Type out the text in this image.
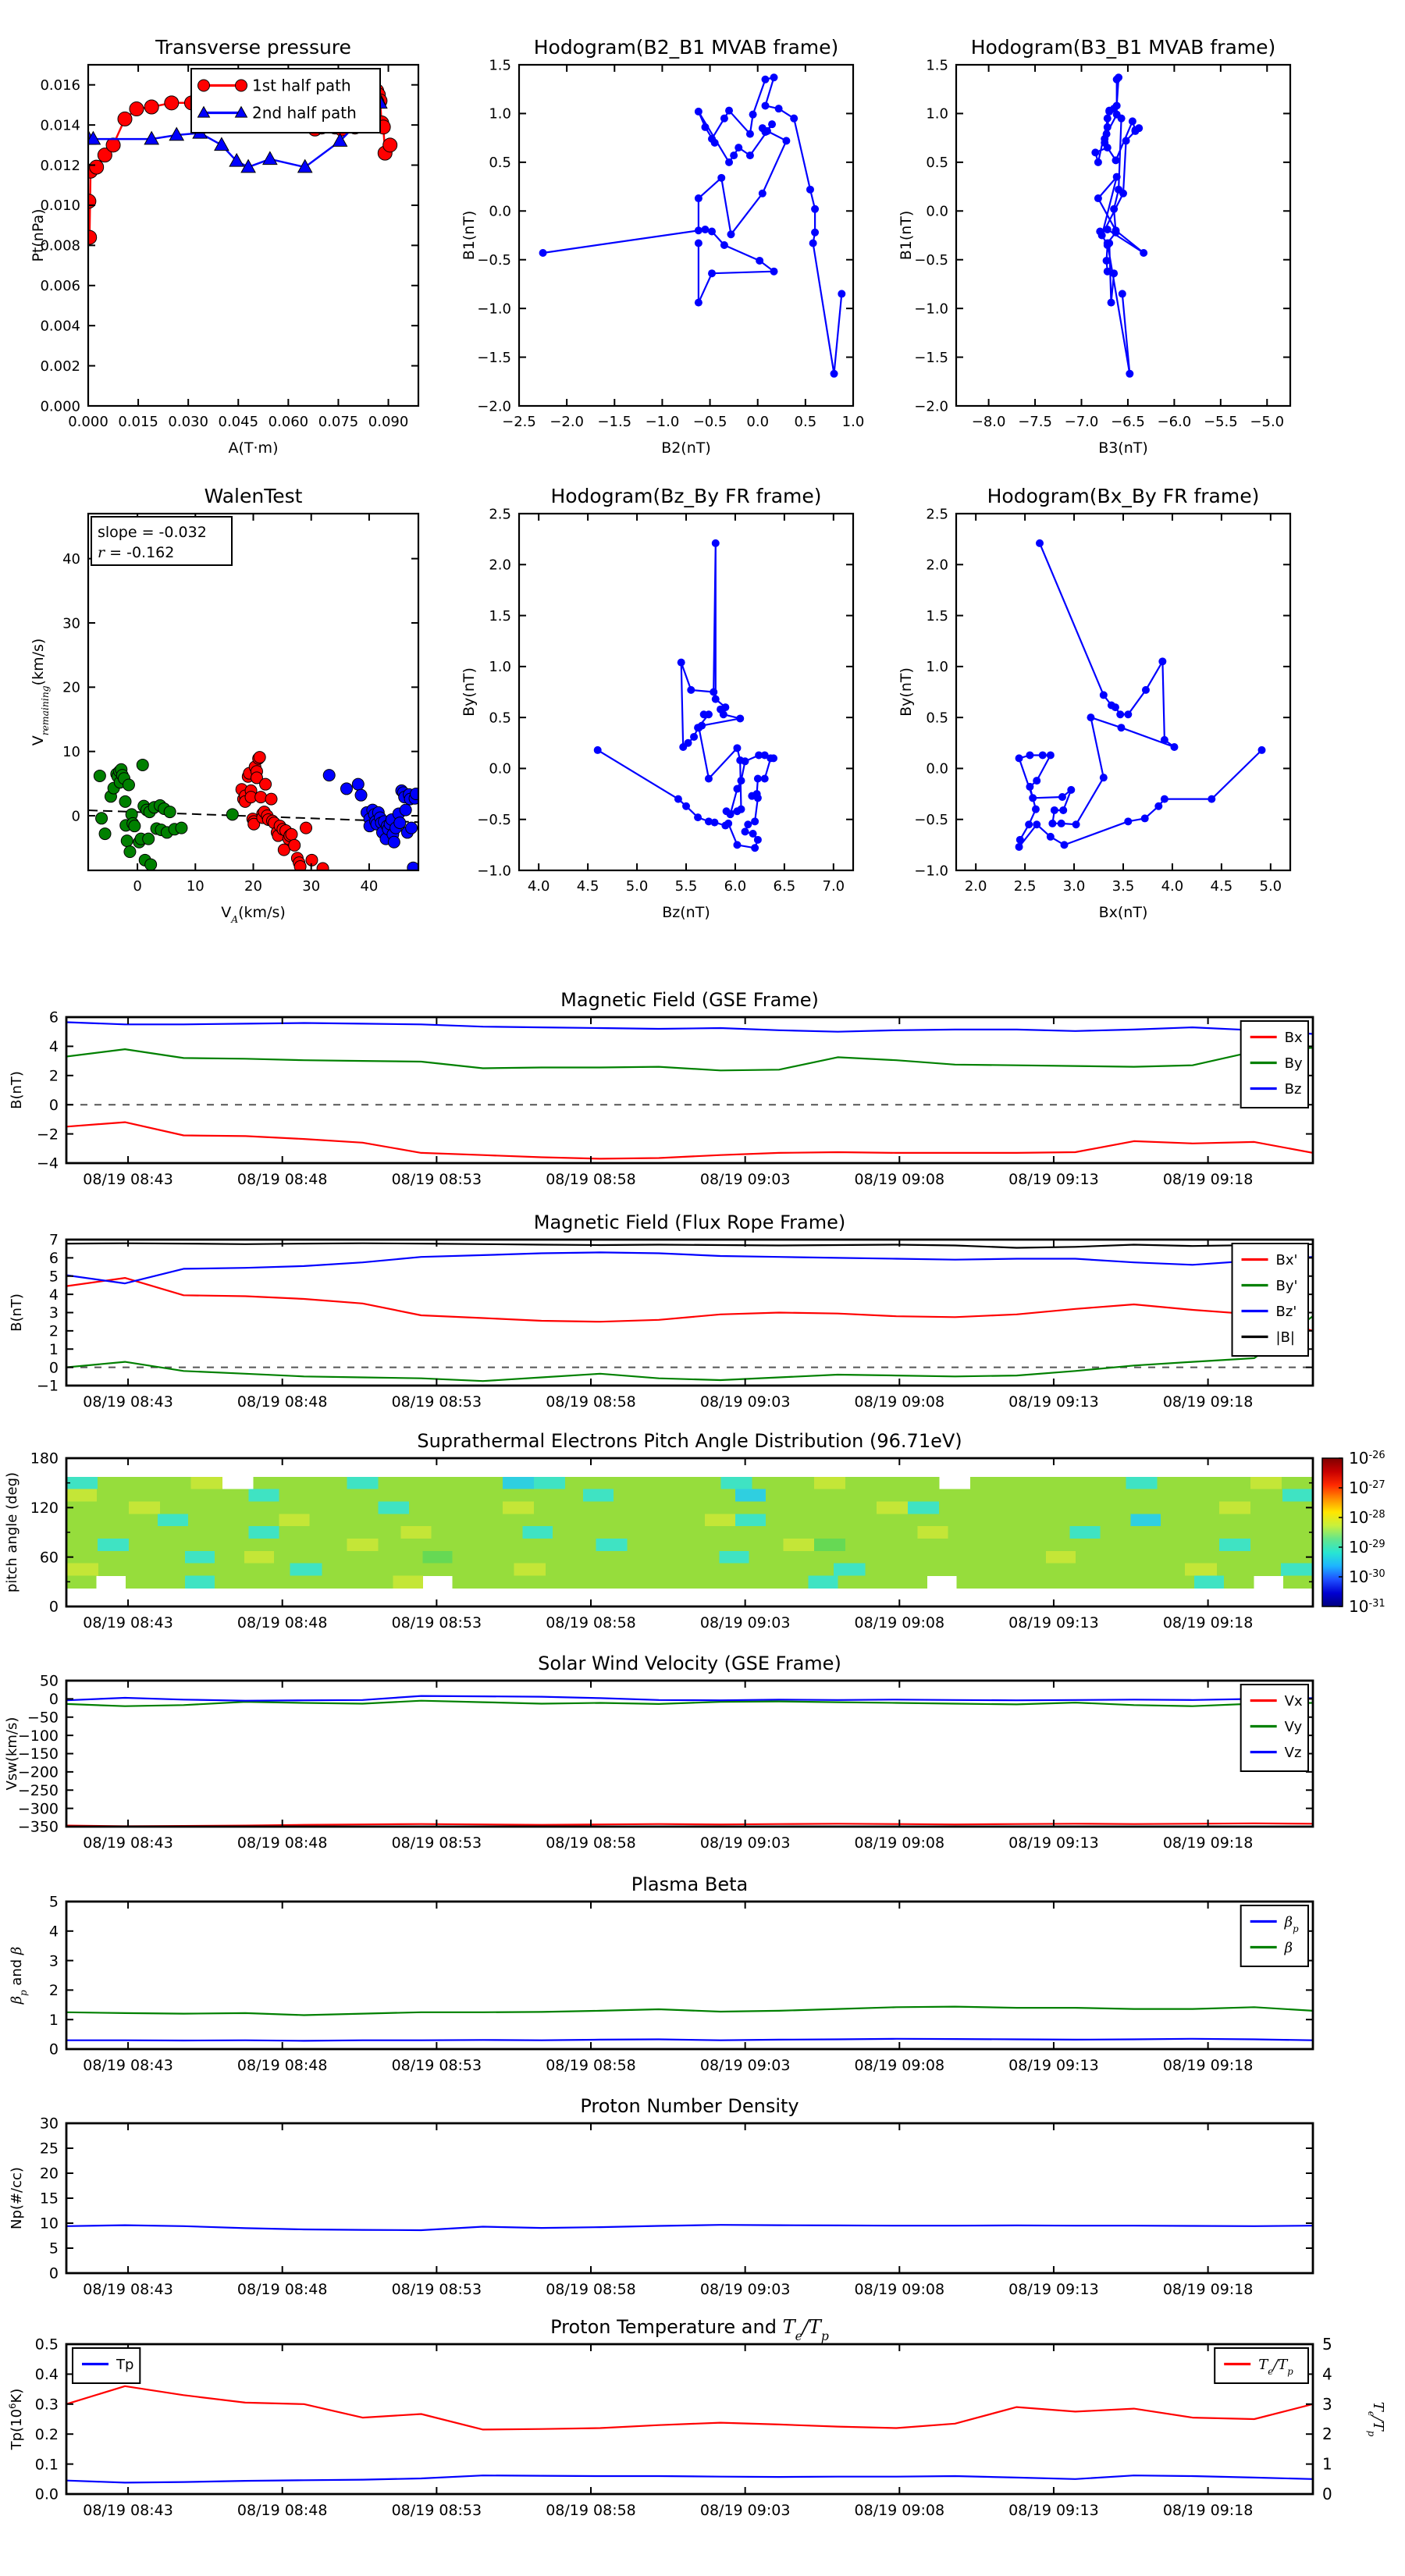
0.000 0.015 0.030 0.045 0.060 0.075 0.090
0.000
0.002
0.004
0.006
0.008
0.010
0.012
0.014
0.016
Transverse pressure
A(T·m)
Pt(nPa)
1st half path
2nd half path
−2.5 −2.0 −1.5 −1.0 −0.5 0.0 0.5 1.0
−2.0
−1.5
−1.0
−0.5
0.0
0.5
1.0
1.5
Hodogram(B2_B1 MVAB frame)
B2(nT)
B1(nT)
−8.0 −7.5 −7.0 −6.5 −6.0 −5.5 −5.0
−2.0
−1.5
−1.0
−0.5
0.0
0.5
1.0
1.5
Hodogram(B3_B1 MVAB frame)
B3(nT)
B1(nT)
0	10	20	30	40
0
10
20
30
40
WalenTest
$V_A(km/s)$
$V_{remaining}(km/s)$
slope = -0.032
r = -0.162
4.0 4.5 5.0 5.5 6.0 6.5 7.0
−1.0
−0.5
0.0
0.5
1.0
1.5
2.0
2.5
Hodogram(Bz_By FR frame)
Bz(nT)
By(nT)
2.0 2.5 3.0 3.5 4.0 4.5 5.0
−1.0
−0.5
0.0
0.5
1.0
1.5
2.0
2.5
Hodogram(Bx_By FR frame)
Bx(nT)
By(nT)
08/19 08:43	08/19 08:48	08/19 08:53	08/19 08:58	08/19 09:03	08/19 09:08	08/19 09:13	08/19 09:18
−4
−2
0
2
4
6
Magnetic Field (GSE Frame)
B(nT)
Bx
By
Bz
08/19 08:43	08/19 08:48	08/19 08:53	08/19 08:58	08/19 09:03	08/19 09:08	08/19 09:13	08/19 09:18
−1
0
1
2
3
4
5
6
7
Magnetic Field (Flux Rope Frame)
B(nT)
Bx'
By'
Bz'
|B|
08/19 08:43	08/19 08:48	08/19 08:53	08/19 08:58	08/19 09:03	08/19 09:08	08/19 09:13	08/19 09:18
0
60
120
180
Suprathermal Electrons Pitch Angle Distribution (96.71eV)
pitch angle (deg)
$10^{-26}$
$10^{-27}$
$10^{-28}$
$10^{-29}$
$10^{-30}$
$10^{-31}$
08/19 08:43	08/19 08:48	08/19 08:53	08/19 08:58	08/19 09:03	08/19 09:08	08/19 09:13	08/19 09:18
50
0
−50
−100
−150
−200
−250
−300
−350
Solar Wind Velocity (GSE Frame)
Vsw(km/s)
Vx
Vy
Vz
08/19 08:43	08/19 08:48	08/19 08:53	08/19 08:58	08/19 09:03	08/19 09:08	08/19 09:13	08/19 09:18
0
1
2
3
4
5
Plasma Beta
$\beta_p$ and β
$\beta_p$
β
08/19 08:43	08/19 08:48	08/19 08:53	08/19 08:58	08/19 09:03	08/19 09:08	08/19 09:13	08/19 09:18
0
5
10
15
20
25
30
Proton Number Density
Np(#/cc)
08/19 08:43	08/19 08:48	08/19 08:53	08/19 08:58	08/19 09:03	08/19 09:08	08/19 09:13	08/19 09:18
0.0
0.1
0.2
0.3
0.4
0.5
0
1
2
3
4
5
Proton Temperature and $T_e/T_p$
$Tp(10^6K)$
$T_e/T_p$
Tp	$T_e/T_p$
